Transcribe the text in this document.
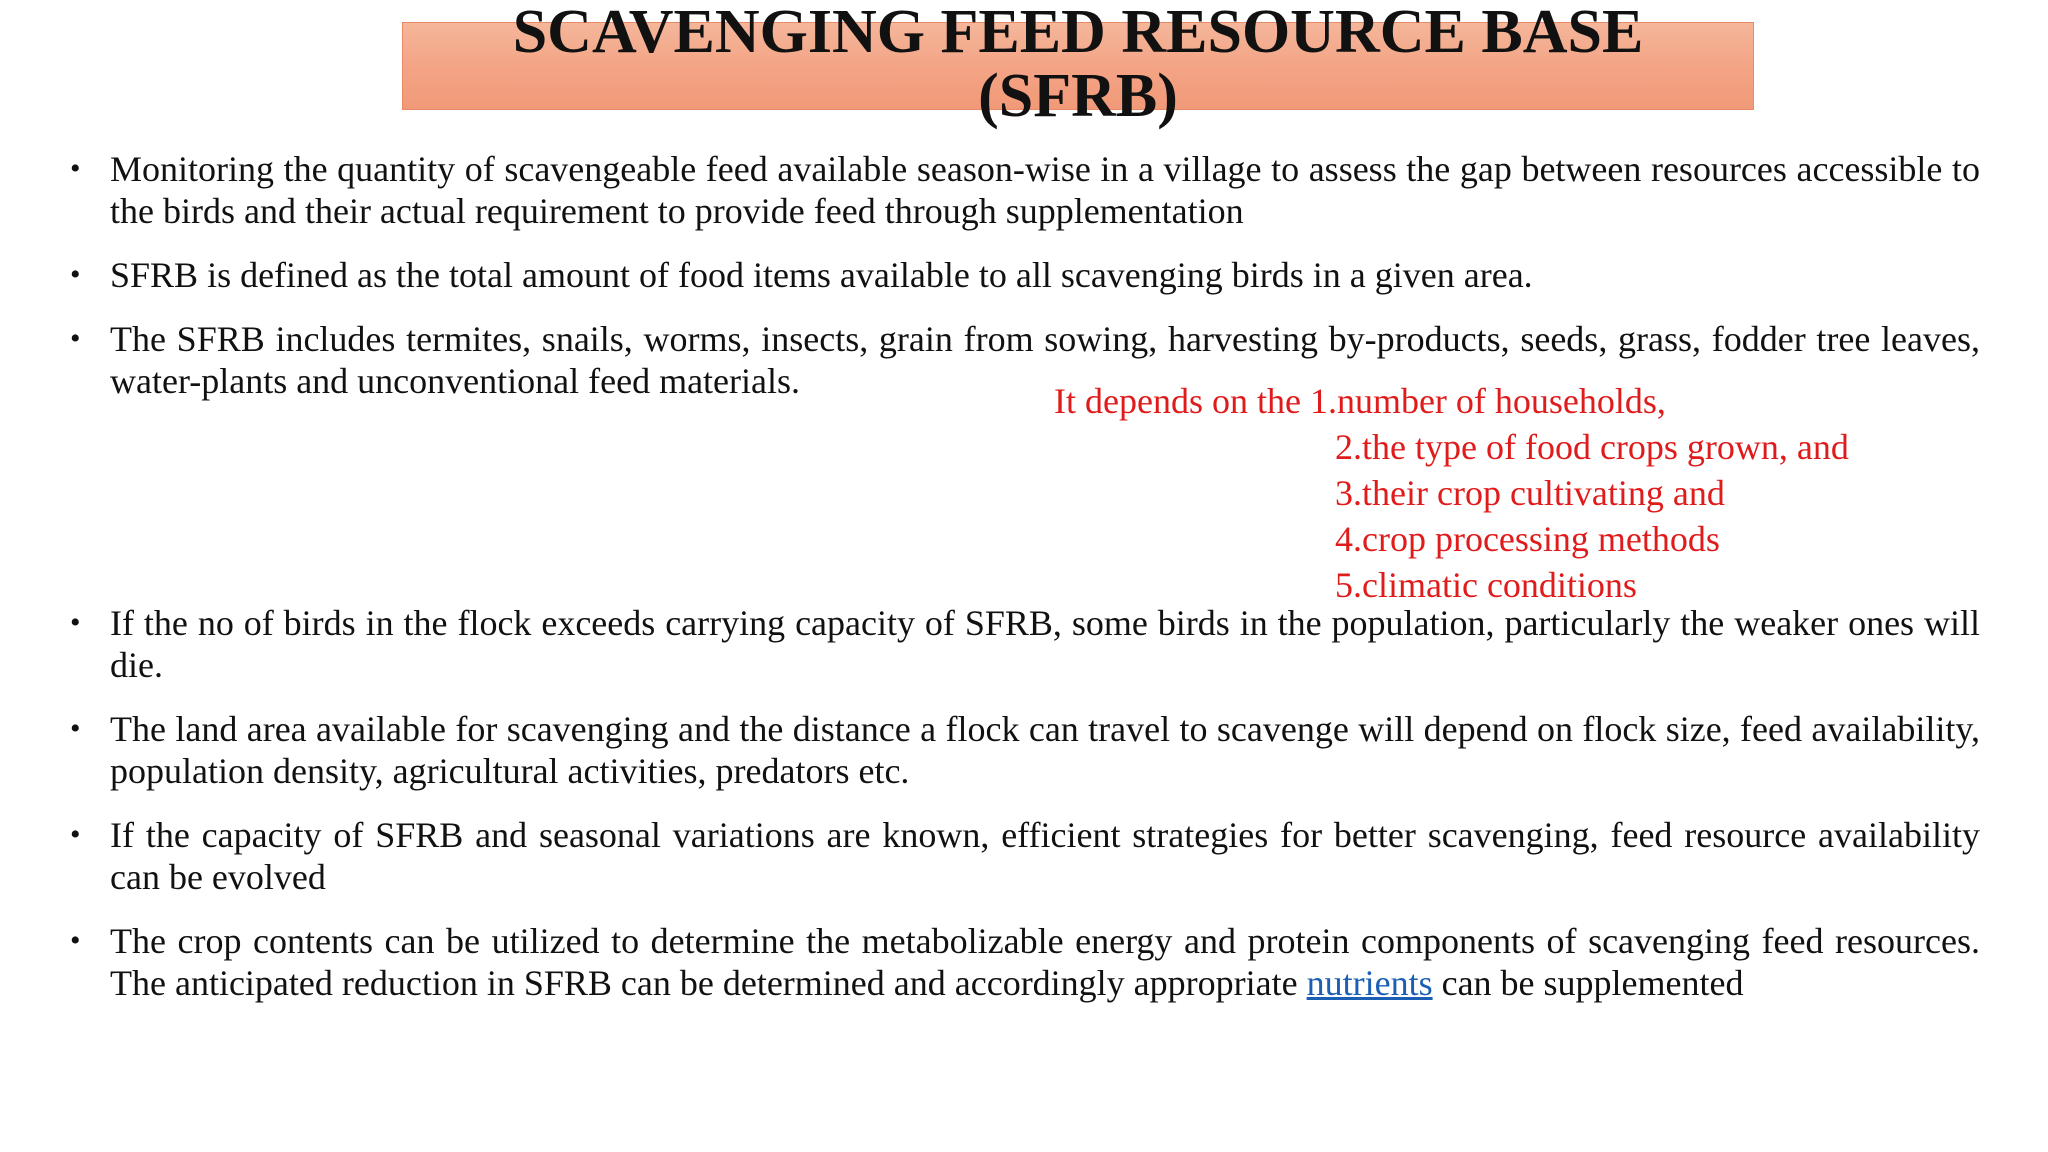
SCAVENGING FEED RESOURCE BASE
(SFRB)
• Monitoring the quantity of scavengeable feed available season-wise in a village to assess the gap between resources accessible to the birds and their actual requirement to provide feed through supplementation
• SFRB is defined as the total amount of food items available to all scavenging birds in a given area.
• The SFRB includes termites, snails, worms, insects, grain from sowing, harvesting by-products, seeds, grass, fodder tree leaves, water-plants and unconventional feed materials.
• If the no of birds in the flock exceeds carrying capacity of SFRB, some birds in the population, particularly the weaker ones will die.
• The land area available for scavenging and the distance a flock can travel to scavenge will depend on flock size, feed availability, population density, agricultural activities, predators etc.
• If the capacity of SFRB and seasonal variations are known, efficient strategies for better scavenging, feed resource availability can be evolved
• The crop contents can be utilized to determine the metabolizable energy and protein components of scavenging feed resources. The anticipated reduction in SFRB can be determined and accordingly appropriate nutrients can be supplemented
It depends on the 1.number of households,
2.the type of food crops grown, and
3.their crop cultivating and
4.crop processing methods
5.climatic conditions
